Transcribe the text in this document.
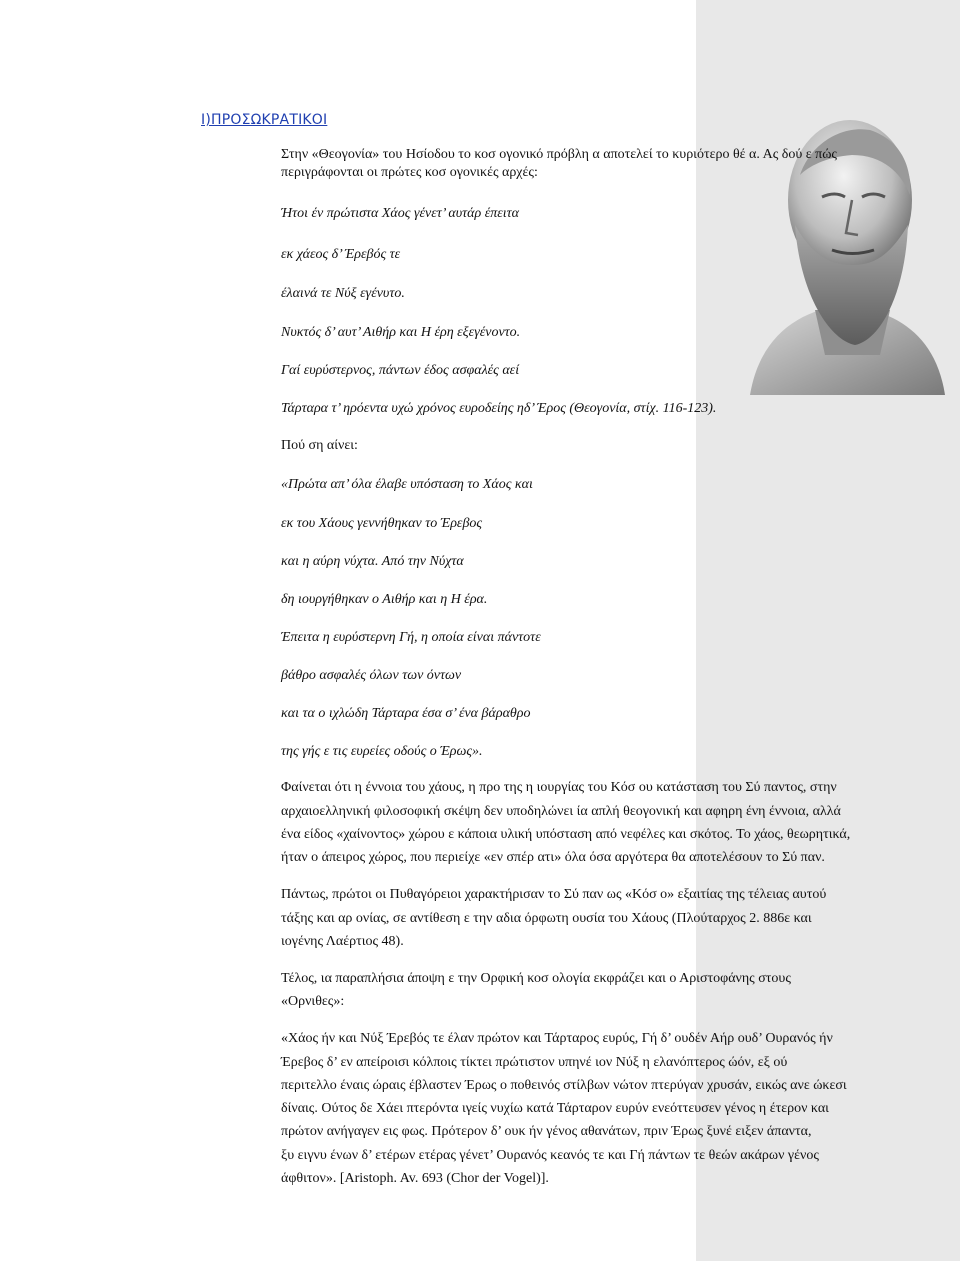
Ι)ΠΡΟΣΩΚΡΑΤΙΚΟΙ

Στην «Θεογονία» του Ησίοδου το κοσ ογονικό πρόβλη α αποτελεί το κυριότερο θέ α. Ας δού ε πώς

περιγράφονται οι πρώτες κοσ ογονικές αρχές:

Ήτοι έν πρώτιστα Χάος γένετ’ αυτάρ έπειτα

εκ χάεος δ’ Έρεβός τε

έλαινά τε Νύξ εγένυτο.

Νυκτός δ’ αυτ’ Αιθήρ και Η έρη εξεγένοντο.

Γαί ευρύστερνος, πάντων έδος ασφαλές αεί

Τάρταρα τ’ ηρόεντα υχώ χρόνος ευροδείης ηδ’ Έρος (Θεογονία, στίχ. 116-123).

Πού ση αίνει:

«Πρώτα απ’ όλα έλαβε υπόσταση το Χάος και

εκ του Χάους γεννήθηκαν το Έρεβος

και η αύρη νύχτα. Από την Νύχτα

δη ιουργήθηκαν ο Αιθήρ και η Η έρα.

Έπειτα η ευρύστερνη Γή, η οποία είναι πάντοτε

βάθρο ασφαλές όλων των όντων

και τα ο ιχλώδη Τάρταρα έσα σ’ ένα βάραθρο

της γής ε τις ευρείες οδούς ο Έρως».

Φαίνεται ότι η έννοια του χάους, η προ της η ιουργίας του Κόσ ου κατάσταση του Σύ παντος, στην

αρχαιοελληνική φιλοσοφική σκέψη δεν υποδηλώνει ία απλή θεογονική και αφηρη ένη έννοια, αλλά

ένα είδος «χαίνοντος» χώρου ε κάποια υλική υπόσταση από νεφέλες και σκότος. Το χάος, θεωρητικά,

ήταν ο άπειρος χώρος, που περιείχε «εν σπέρ ατι» όλα όσα αργότερα θα αποτελέσουν το Σύ παν.

Πάντως, πρώτοι οι Πυθαγόρειοι χαρακτήρισαν το Σύ παν ως «Κόσ ο» εξαιτίας της τέλειας αυτού

τάξης και αρ ονίας, σε αντίθεση ε την αδια όρφωτη ουσία του Χάους (Πλούταρχος 2. 886ε και

ιογένης Λαέρτιος 48).

Τέλος, ια παραπλήσια άποψη ε την Ορφική κοσ ολογία εκφράζει και ο Αριστοφάνης στους

«Ορνιθες»:

«Χάος ήν και Νύξ Έρεβός τε έλαν πρώτον και Τάρταρος ευρύς, Γή δ’ ουδέν Αήρ ουδ’ Ουρανός ήν

Έρεβος δ’ εν απείροισι κόλποις τίκτει πρώτιστον υπηνέ ιον Νύξ η ελανόπτερος ώόν, εξ ού

περιτελλο έναις ώραις έβλαστεν Έρως ο ποθεινός στίλβων νώτον πτερύγαν χρυσάν, εικώς ανε ώκεσι

δίναις. Ούτος δε Χάει πτερόντα ιγείς νυχίω κατά Τάρταρον ευρύν ενεόττευσεν γένος η έτερον και

πρώτον ανήγαγεν εις φως. Πρότερον δ’ ουκ ήν γένος αθανάτων, πριν Έρως ξυνέ ειξεν άπαντα,

ξυ ειγνυ ένων δ’ ετέρων ετέρας γένετ’ Ουρανός κεανός τε και Γή πάντων τε θεών ακάρων γένος

άφθιτον». [Aristoph. Av. 693 (Chor der Vogel)].
